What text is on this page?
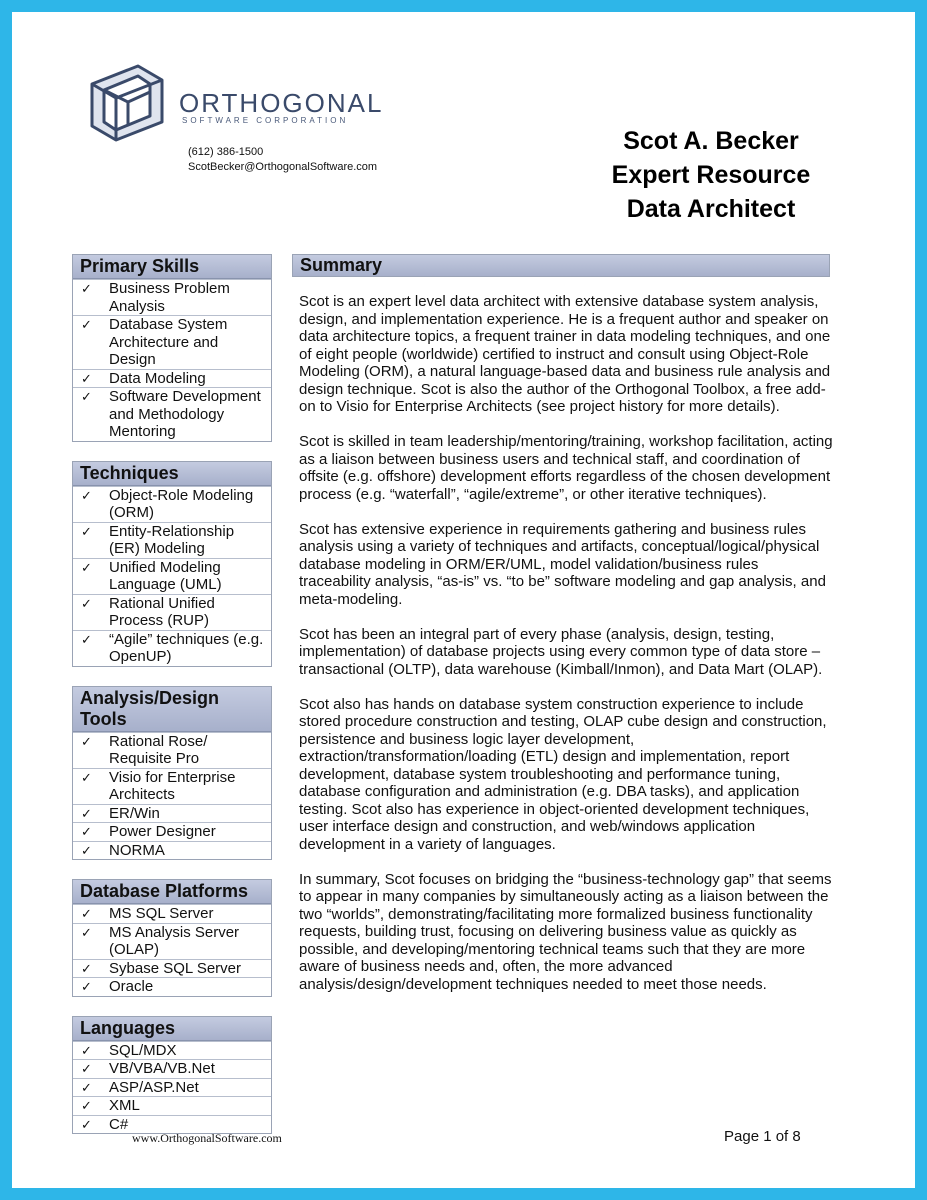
ORTHOGONAL
SOFTWARE CORPORATION
(612) 386-1500
ScotBecker@OrthogonalSoftware.com
Scot A. Becker
Expert Resource
Data Architect
Primary Skills
✓	Business Problem Analysis
✓	Database System Architecture and Design
✓	Data Modeling
✓	Software Development and Methodology Mentoring
Techniques
✓	Object-Role Modeling (ORM)
✓	Entity-Relationship (ER) Modeling
✓	Unified Modeling Language (UML)
✓	Rational Unified Process (RUP)
✓	“Agile” techniques (e.g. OpenUP)
Analysis/Design Tools
✓	Rational Rose/ Requisite Pro
✓	Visio for Enterprise Architects
✓	ER/Win
✓	Power Designer
✓	NORMA
Database Platforms
✓	MS SQL Server
✓	MS Analysis Server (OLAP)
✓	Sybase SQL Server
✓	Oracle
Languages
✓	SQL/MDX
✓	VB/VBA/VB.Net
✓	ASP/ASP.Net
✓	XML
✓	C#
Summary

Scot is an expert level data architect with extensive database system analysis, design, and implementation experience. He is a frequent author and speaker on data architecture topics, a frequent trainer in data modeling techniques, and one of eight people (worldwide) certified to instruct and consult using Object-Role Modeling (ORM), a natural language-based data and business rule analysis and design technique. Scot is also the author of the Orthogonal Toolbox, a free add-on to Visio for Enterprise Architects (see project history for more details).

Scot is skilled in team leadership/mentoring/training, workshop facilitation, acting as a liaison between business users and technical staff, and coordination of offsite (e.g. offshore) development efforts regardless of the chosen development process (e.g. “waterfall”, “agile/extreme”, or other iterative techniques).

Scot has extensive experience in requirements gathering and business rules analysis using a variety of techniques and artifacts, conceptual/logical/physical database modeling in ORM/ER/UML, model validation/business rules traceability analysis, “as-is” vs. “to be” software modeling and gap analysis, and meta-modeling.

Scot has been an integral part of every phase (analysis, design, testing, implementation) of database projects using every common type of data store – transactional (OLTP), data warehouse (Kimball/Inmon), and Data Mart (OLAP).

Scot also has hands on database system construction experience to include stored procedure construction and testing, OLAP cube design and construction, persistence and business logic layer development, extraction/transformation/loading (ETL) design and implementation, report development, database system troubleshooting and performance tuning, database configuration and administration (e.g. DBA tasks), and application testing. Scot also has experience in object-oriented development techniques, user interface design and construction, and web/windows application development in a variety of languages.

In summary, Scot focuses on bridging the “business-technology gap” that seems to appear in many companies by simultaneously acting as a liaison between the two “worlds”, demonstrating/facilitating more formalized business functionality requests, building trust, focusing on delivering business value as quickly as possible, and developing/mentoring technical teams such that they are more aware of business needs and, often, the more advanced analysis/design/development techniques needed to meet those needs.

www.OrthogonalSoftware.com	Page 1 of 8
